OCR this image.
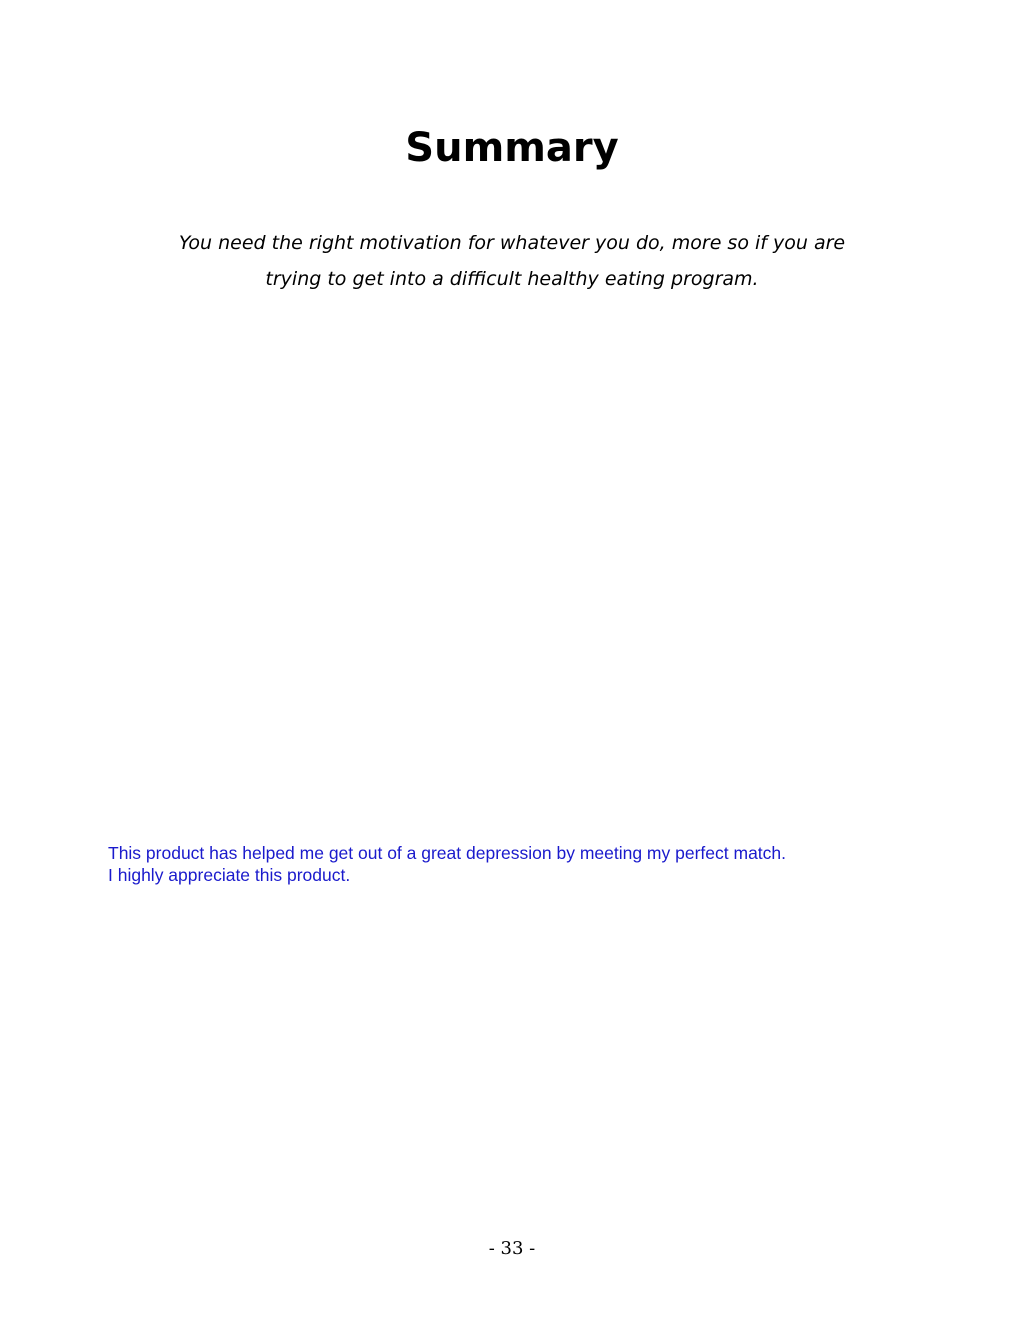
Summary

You need the right motivation for whatever you do, more so if you are
trying to get into a difficult healthy eating program.

This product has helped me get out of a great depression by meeting my perfect match.
I highly appreciate this product.

- 33 -
